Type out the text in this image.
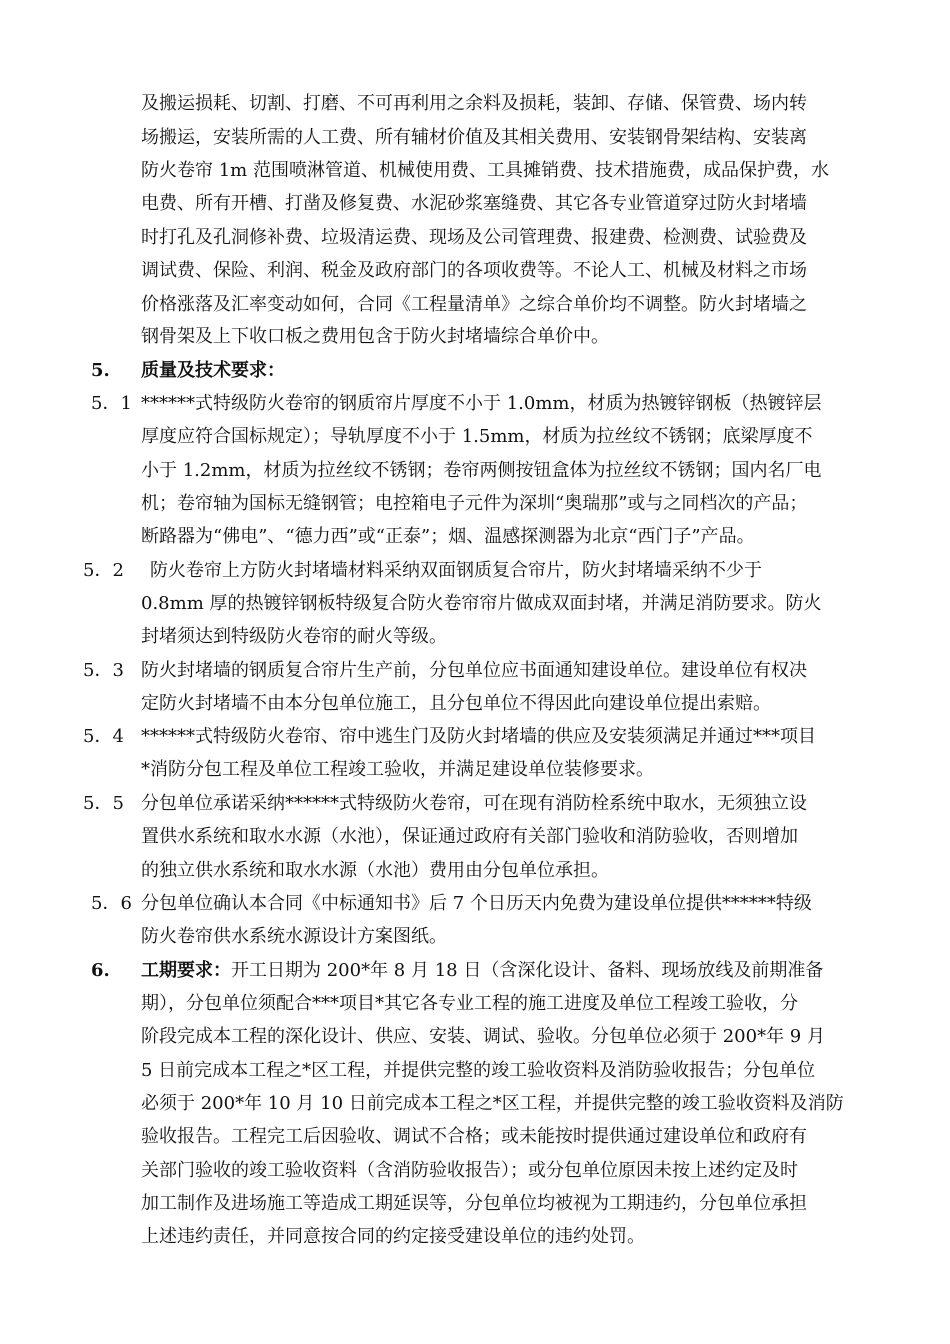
及搬运损耗、切割、打磨、不可再利用之余料及损耗，装卸、存储、保管费、场内转
场搬运，安装所需的人工费、所有辅材价值及其相关费用、安装钢骨架结构、安装离
防火卷帘 1m 范围喷淋管道、机械使用费、工具摊销费、技术措施费，成品保护费，水
电费、所有开槽、打凿及修复费、水泥砂浆塞缝费、其它各专业管道穿过防火封堵墙
时打孔及孔洞修补费、垃圾清运费、现场及公司管理费、报建费、检测费、试验费及
调试费、保险、利润、税金及政府部门的各项收费等。不论人工、机械及材料之市场
价格涨落及汇率变动如何，合同《工程量清单》之综合单价均不调整。防火封堵墙之
钢骨架及上下收口板之费用包含于防火封堵墙综合单价中。
5. 质量及技术要求：
5．1 ******式特级防火卷帘的钢质帘片厚度不小于 1.0mm，材质为热镀锌钢板（热镀锌层
厚度应符合国标规定）；导轨厚度不小于 1.5mm，材质为拉丝纹不锈钢；底梁厚度不
小于 1.2mm，材质为拉丝纹不锈钢；卷帘两侧按钮盒体为拉丝纹不锈钢；国内名厂电
机；卷帘轴为国标无缝钢管；电控箱电子元件为深圳“奥瑞那”或与之同档次的产品；
断路器为“佛电”、“德力西”或“正泰”；烟、温感探测器为北京“西门子”产品。
5．2 防火卷帘上方防火封堵墙材料采纳双面钢质复合帘片，防火封堵墙采纳不少于
0.8mm 厚的热镀锌钢板特级复合防火卷帘帘片做成双面封堵，并满足消防要求。防火
封堵须达到特级防火卷帘的耐火等级。
5．3 防火封堵墙的钢质复合帘片生产前，分包单位应书面通知建设单位。建设单位有权决
定防火封堵墙不由本分包单位施工，且分包单位不得因此向建设单位提出索赔。
5．4 ******式特级防火卷帘、帘中逃生门及防火封堵墙的供应及安装须满足并通过***项目
*消防分包工程及单位工程竣工验收，并满足建设单位装修要求。
5．5 分包单位承诺采纳******式特级防火卷帘，可在现有消防栓系统中取水，无须独立设
置供水系统和取水水源（水池），保证通过政府有关部门验收和消防验收，否则增加
的独立供水系统和取水水源（水池）费用由分包单位承担。
5．6 分包单位确认本合同《中标通知书》后 7 个日历天内免费为建设单位提供******特级
防火卷帘供水系统水源设计方案图纸。
6. 工期要求：开工日期为 200*年 8 月 18 日（含深化设计、备料、现场放线及前期准备
期），分包单位须配合***项目*其它各专业工程的施工进度及单位工程竣工验收，分
阶段完成本工程的深化设计、供应、安装、调试、验收。分包单位必须于 200*年 9 月
5 日前完成本工程之*区工程，并提供完整的竣工验收资料及消防验收报告；分包单位
必须于 200*年 10 月 10 日前完成本工程之*区工程，并提供完整的竣工验收资料及消防
验收报告。工程完工后因验收、调试不合格；或未能按时提供通过建设单位和政府有
关部门验收的竣工验收资料（含消防验收报告）；或分包单位原因未按上述约定及时
加工制作及进场施工等造成工期延误等，分包单位均被视为工期违约，分包单位承担
上述违约责任，并同意按合同的约定接受建设单位的违约处罚。
